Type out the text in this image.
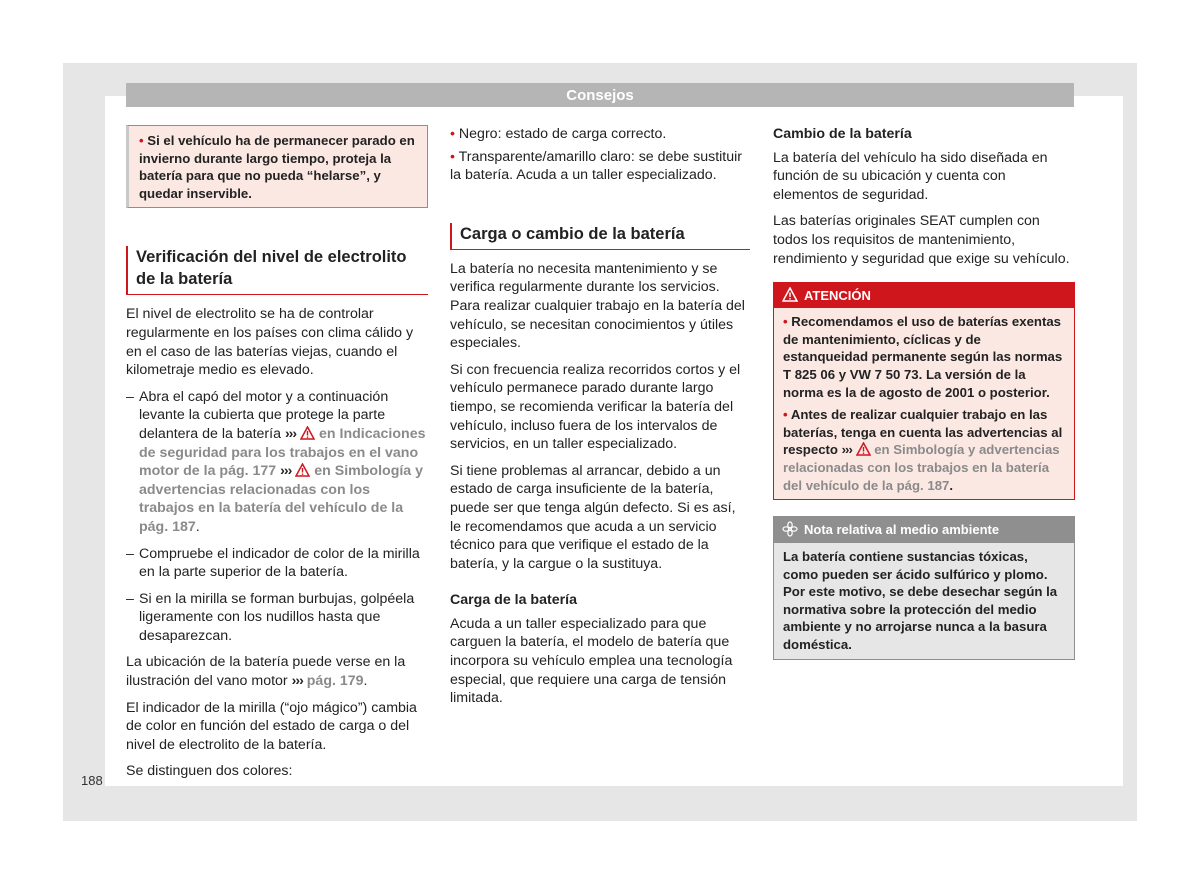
Consejos
• Si el vehículo ha de permanecer parado en invierno durante largo tiempo, proteja la batería para que no pueda “helarse”, y quedar inservible.
Verificación del nivel de electrolito de la batería

El nivel de electrolito se ha de controlar regularmente en los países con clima cálido y en el caso de las baterías viejas, cuando el kilometraje medio es elevado.

– Abra el capó del motor y a continuación levante la cubierta que protege la parte delantera de la batería ››› en Indicaciones de seguridad para los trabajos en el vano motor de la pág. 177 ››› en Simbología y advertencias relacionadas con los trabajos en la batería del vehículo de la pág. 187.
– Compruebe el indicador de color de la mirilla en la parte superior de la batería.
– Si en la mirilla se forman burbujas, golpéela ligeramente con los nudillos hasta que desaparezcan.

La ubicación de la batería puede verse en la ilustración del vano motor ››› pág. 179.

El indicador de la mirilla (“ojo mágico”) cambia de color en función del estado de carga o del nivel de electrolito de la batería.

Se distinguen dos colores:

• Negro: estado de carga correcto.
• Transparente/amarillo claro: se debe sustituir la batería. Acuda a un taller especializado.
Carga o cambio de la batería

La batería no necesita mantenimiento y se verifica regularmente durante los servicios. Para realizar cualquier trabajo en la batería del vehículo, se necesitan conocimientos y útiles especiales.

Si con frecuencia realiza recorridos cortos y el vehículo permanece parado durante largo tiempo, se recomienda verificar la batería del vehículo, incluso fuera de los intervalos de servicios, en un taller especializado.

Si tiene problemas al arrancar, debido a un estado de carga insuficiente de la batería, puede ser que tenga algún defecto. Si es así, le recomendamos que acuda a un servicio técnico para que verifique el estado de la batería, y la cargue o la sustituya.

Carga de la batería

Acuda a un taller especializado para que carguen la batería, el modelo de batería que incorpora su vehículo emplea una tecnología especial, que requiere una carga de tensión limitada.

Cambio de la batería

La batería del vehículo ha sido diseñada en función de su ubicación y cuenta con elementos de seguridad.

Las baterías originales SEAT cumplen con todos los requisitos de mantenimiento, rendimiento y seguridad que exige su vehículo.

ATENCIÓN

• Recomendamos el uso de baterías exentas de mantenimiento, cíclicas y de estanqueidad permanente según las normas T 825 06 y VW 7 50 73. La versión de la norma es la de agosto de 2001 o posterior.

• Antes de realizar cualquier trabajo en las baterías, tenga en cuenta las advertencias al respecto ››› en Simbología y advertencias relacionadas con los trabajos en la batería del vehículo de la pág. 187.

Nota relativa al medio ambiente
La batería contiene sustancias tóxicas, como pueden ser ácido sulfúrico y plomo. Por este motivo, se debe desechar según la normativa sobre la protección del medio ambiente y no arrojarse nunca a la basura doméstica.
188
